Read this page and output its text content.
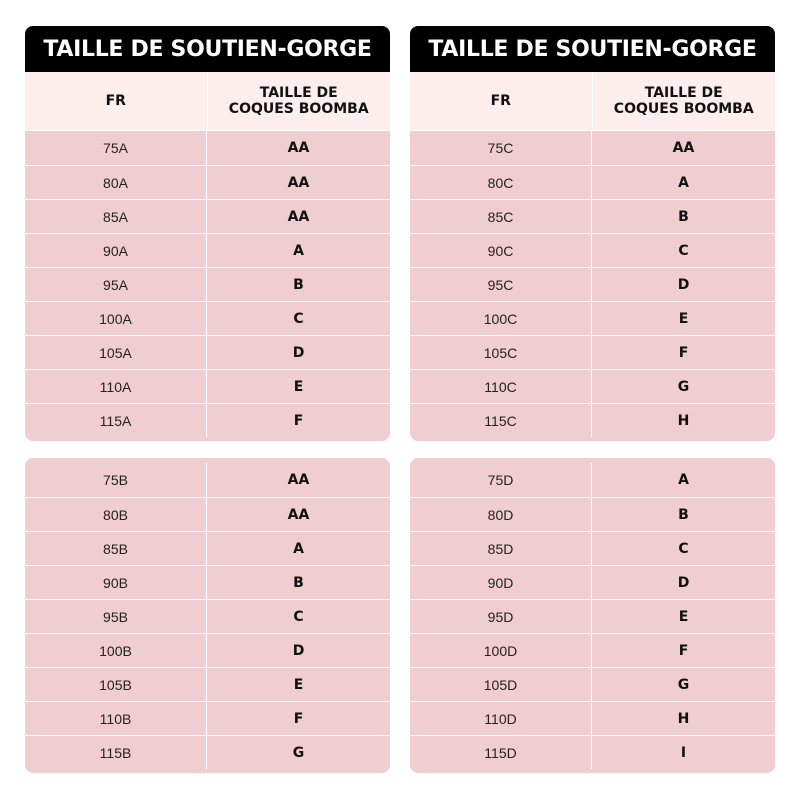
TAILLE DE SOUTIEN-GORGE
FR	TAILLE DE
COQUES BOOMBA
75A	AA
80A	AA
85A	AA
90A	A
95A	B
100A	C
105A	D
110A	E
115A	F
TAILLE DE SOUTIEN-GORGE
FR	TAILLE DE
COQUES BOOMBA
75C	AA
80C	A
85C	B
90C	C
95C	D
100C	E
105C	F
110C	G
115C	H
75B	AA
80B	AA
85B	A
90B	B
95B	C
100B	D
105B	E
110B	F
115B	G
75D	A
80D	B
85D	C
90D	D
95D	E
100D	F
105D	G
110D	H
115D	I
